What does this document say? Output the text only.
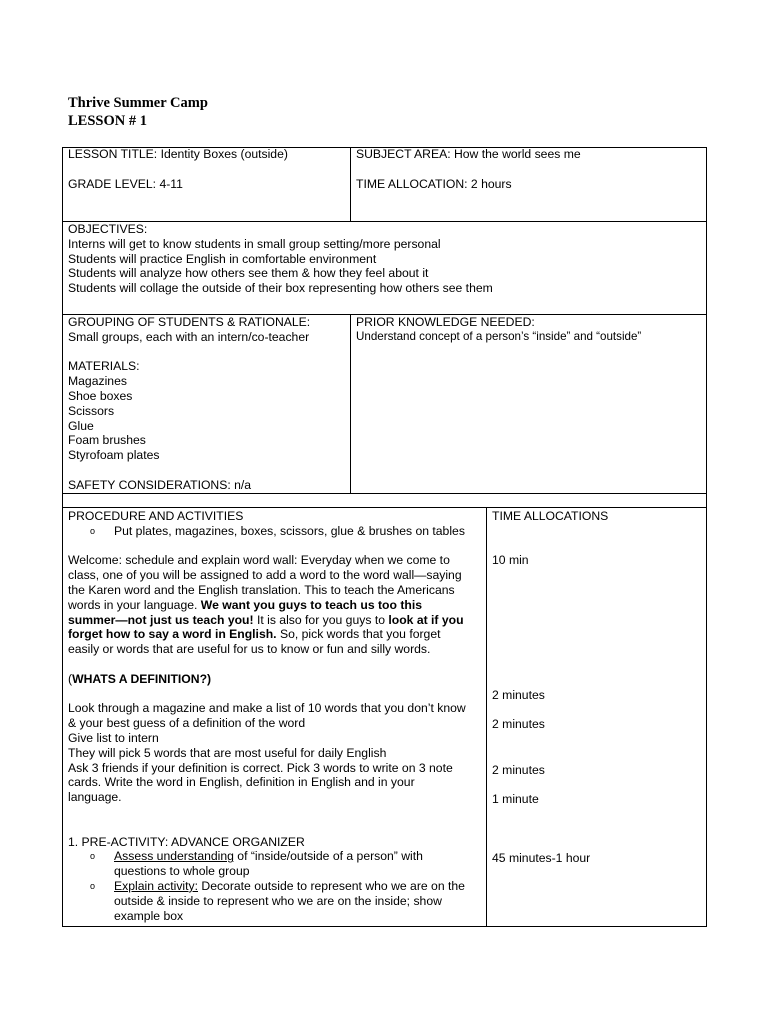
Thrive Summer Camp

LESSON # 1

LESSON TITLE: Identity Boxes (outside)

GRADE LEVEL: 4-11

SUBJECT AREA: How the world sees me

TIME ALLOCATION: 2 hours

OBJECTIVES:

Interns will get to know students in small group setting/more personal

Students will practice English in comfortable environment

Students will analyze how others see them & how they feel about it

Students will collage the outside of their box representing how others see them

GROUPING OF STUDENTS & RATIONALE:

Small groups, each with an intern/co-teacher

MATERIALS:

Magazines

Shoe boxes

Scissors

Glue

Foam brushes

Styrofoam plates

SAFETY CONSIDERATIONS: n/a

PRIOR KNOWLEDGE NEEDED:

Understand concept of a person’s “inside” and “outside”

PROCEDURE AND ACTIVITIES

o Put plates, magazines, boxes, scissors, glue & brushes on tables

Welcome: schedule and explain word wall: Everyday when we come to

class, one of you will be assigned to add a word to the word wall—saying

the Karen word and the English translation. This to teach the Americans

words in your language. We want you guys to teach us too this

summer—not just us teach you! It is also for you guys to look at if you

forget how to say a word in English. So, pick words that you forget

easily or words that are useful for us to know or fun and silly words.

(WHATS A DEFINITION?)

Look through a magazine and make a list of 10 words that you don’t know

& your best guess of a definition of the word

Give list to intern

They will pick 5 words that are most useful for daily English

Ask 3 friends if your definition is correct. Pick 3 words to write on 3 note

cards. Write the word in English, definition in English and in your

language.

1. PRE-ACTIVITY: ADVANCE ORGANIZER

o Assess understanding of “inside/outside of a person” with

questions to whole group

o Explain activity: Decorate outside to represent who we are on the

outside & inside to represent who we are on the inside; show

example box

TIME ALLOCATIONS

10 min

2 minutes

2 minutes

2 minutes

1 minute

45 minutes-1 hour
